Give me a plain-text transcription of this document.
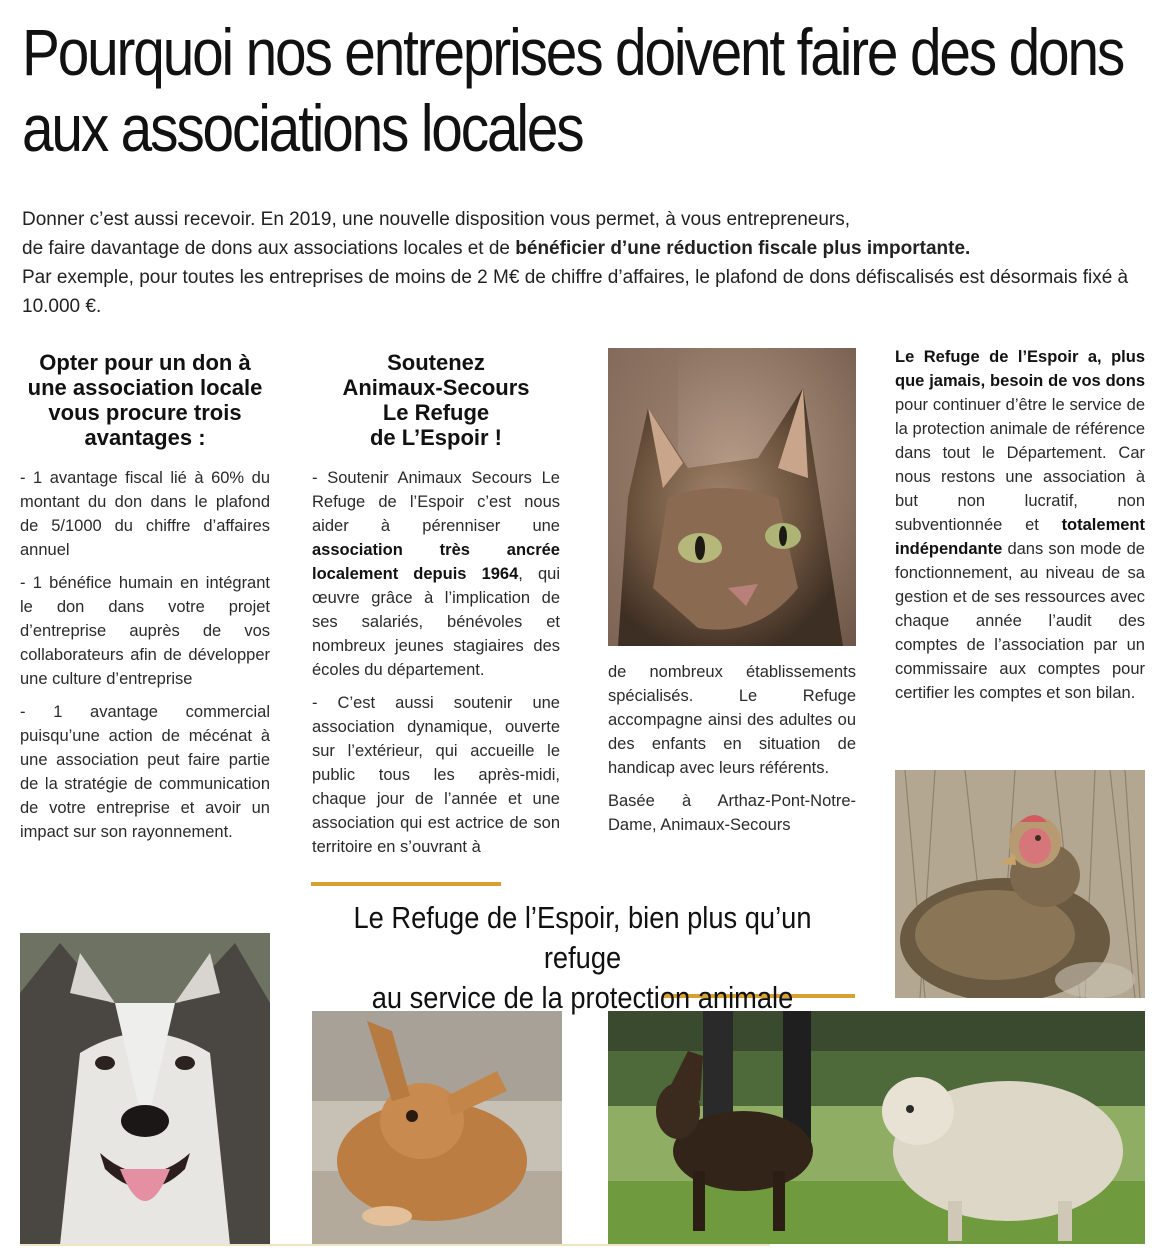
Pourquoi nos entreprises doivent faire des dons aux associations locales

Donner c’est aussi recevoir. En 2019, une nouvelle disposition vous permet, à vous entrepreneurs,

de faire davantage de dons aux associations locales et de bénéficier d’une réduction fiscale plus importante.

Par exemple, pour toutes les entreprises de moins de 2 M€ de chiffre d’affaires, le plafond de dons défiscalisés est désormais fixé à 10.000 €.

Opter pour un don à une association locale vous procure trois avantages :

- 1 avantage fiscal lié à 60% du montant du don dans le plafond de 5/1000 du chiffre d’affaires annuel

- 1 bénéfice humain en intégrant le don dans votre projet d’entreprise auprès de vos collaborateurs afin de développer une culture d’entreprise

- 1 avantage commercial puisqu’une action de mécénat à une association peut faire partie de la stratégie de communication de votre entreprise et avoir un impact sur son rayonnement.

Soutenez
Animaux-Secours
Le Refuge
de L’Espoir !

- Soutenir Animaux Secours Le Refuge de l’Espoir c’est nous aider à pérenniser une association très ancrée localement depuis 1964, qui œuvre grâce à l’implication de ses salariés, bénévoles et nombreux jeunes stagiaires des écoles du département.

- C’est aussi soutenir une association dynamique, ouverte sur l’extérieur, qui accueille le public tous les après-midi, chaque jour de l’année et une association qui est actrice de son territoire en s’ouvrant à

de nombreux établissements spécialisés. Le Refuge accompagne ainsi des adultes ou des enfants en situation de handicap avec leurs référents.

Basée à Arthaz-Pont-Notre-Dame, Animaux-Secours

Le Refuge de l’Espoir a, plus que jamais, besoin de vos dons pour continuer d’être le service de la protection animale de référence dans tout le Département. Car nous restons une association à but non lucratif, non subventionnée et totalement indépendante dans son mode de fonctionnement, au niveau de sa gestion et de ses ressources avec chaque année l’audit des comptes de l’association par un commissaire aux comptes pour certifier les comptes et son bilan.

Le Refuge de l’Espoir, bien plus qu’un refuge
au service de la protection animale
